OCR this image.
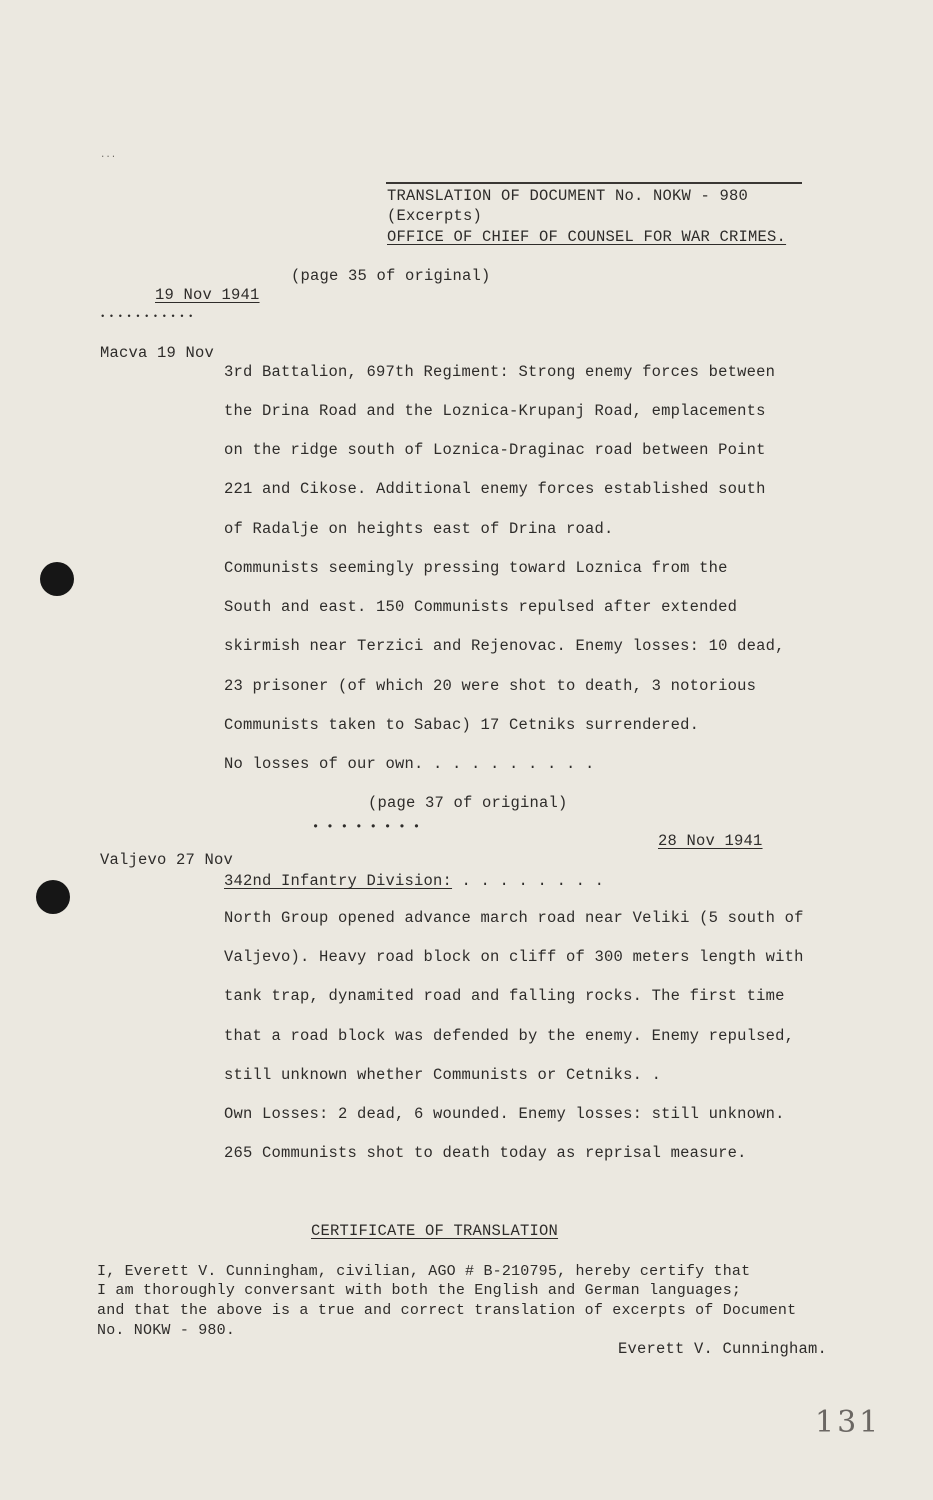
...
TRANSLATION OF DOCUMENT No. NOKW - 980
(Excerpts)
OFFICE OF CHIEF OF COUNSEL FOR WAR CRIMES.
(page 35 of original)
19 Nov 1941
• • • • • • • • • • •
Macva 19 Nov
3rd Battalion, 697th Regiment: Strong enemy forces between
the Drina Road and the Loznica-Krupanj Road, emplacements
on the ridge south of Loznica-Draginac road between Point
221 and Cikose. Additional enemy forces established south
of Radalje on heights east of Drina road.
Communists seemingly pressing toward Loznica from the
South and east. 150 Communists repulsed after extended
skirmish near Terzici and Rejenovac. Enemy losses: 10 dead,
23 prisoner (of which 20 were shot to death, 3 notorious
Communists taken to Sabac) 17 Cetniks surrendered.
No losses of our own. . . . . . . . . .
(page 37 of original)
• • • • • • • •
28 Nov 1941
Valjevo 27 Nov
342nd Infantry Division: . . . . . . . .
North Group opened advance march road near Veliki (5 south of
Valjevo). Heavy road block on cliff of 300 meters length with
tank trap, dynamited road and falling rocks. The first time
that a road block was defended by the enemy. Enemy repulsed,
still unknown whether Communists or Cetniks. .
Own Losses: 2 dead, 6 wounded. Enemy losses: still unknown.
265 Communists shot to death today as reprisal measure.
CERTIFICATE OF TRANSLATION
I, Everett V. Cunningham, civilian, AGO # B-210795, hereby certify that
I am thoroughly conversant with both the English and German languages;
and that the above is a true and correct translation of excerpts of Document
No. NOKW - 980.
Everett V. Cunningham.
131
